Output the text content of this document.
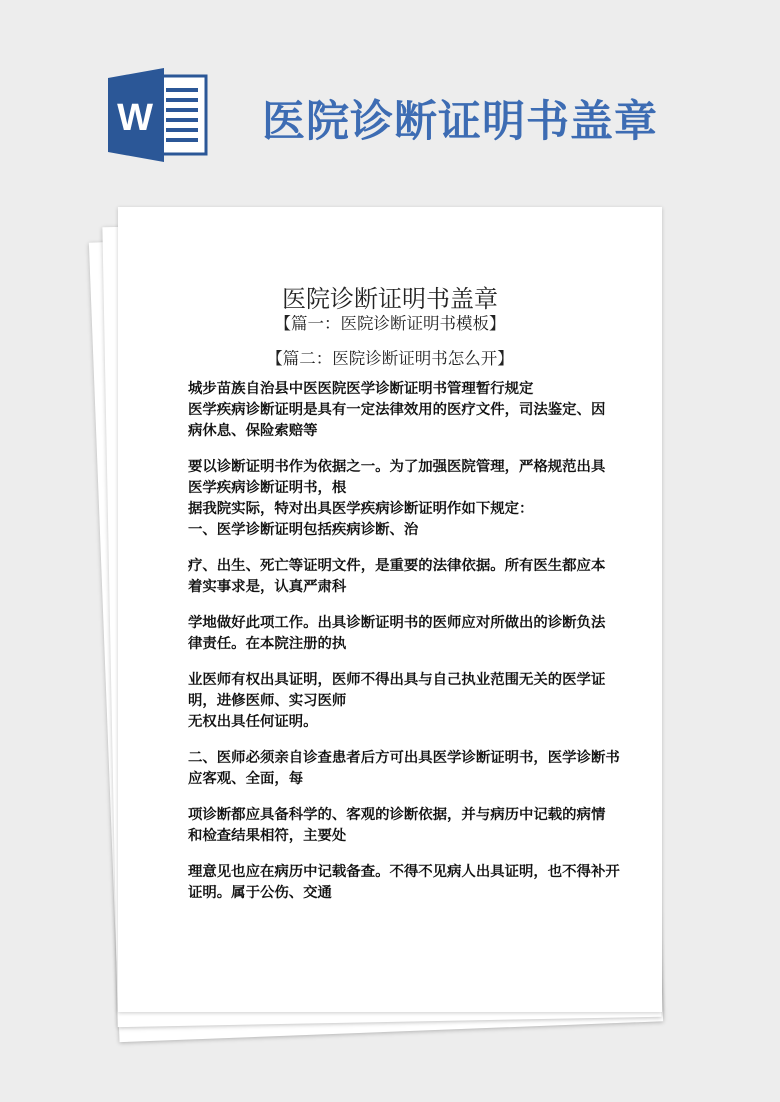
W	医院诊断证明书盖章
医院诊断证明书盖章
【篇一：医院诊断证明书模板】
【篇二：医院诊断证明书怎么开】
城步苗族自治县中医医院医学诊断证明书管理暂行规定
医学疾病诊断证明是具有一定法律效用的医疗文件，司法鉴定、因
病休息、保险索赔等
要以诊断证明书作为依据之一。为了加强医院管理，严格规范出具
医学疾病诊断证明书，根
据我院实际，特对出具医学疾病诊断证明作如下规定：
一、医学诊断证明包括疾病诊断、治
疗、出生、死亡等证明文件，是重要的法律依据。所有医生都应本
着实事求是，认真严肃科
学地做好此项工作。出具诊断证明书的医师应对所做出的诊断负法
律责任。在本院注册的执
业医师有权出具证明，医师不得出具与自己执业范围无关的医学证
明，进修医师、实习医师
无权出具任何证明。
二、医师必须亲自诊查患者后方可出具医学诊断证明书，医学诊断书
应客观、全面，每
项诊断都应具备科学的、客观的诊断依据，并与病历中记载的病情
和检查结果相符，主要处
理意见也应在病历中记载备查。不得不见病人出具证明，也不得补开
证明。属于公伤、交通
